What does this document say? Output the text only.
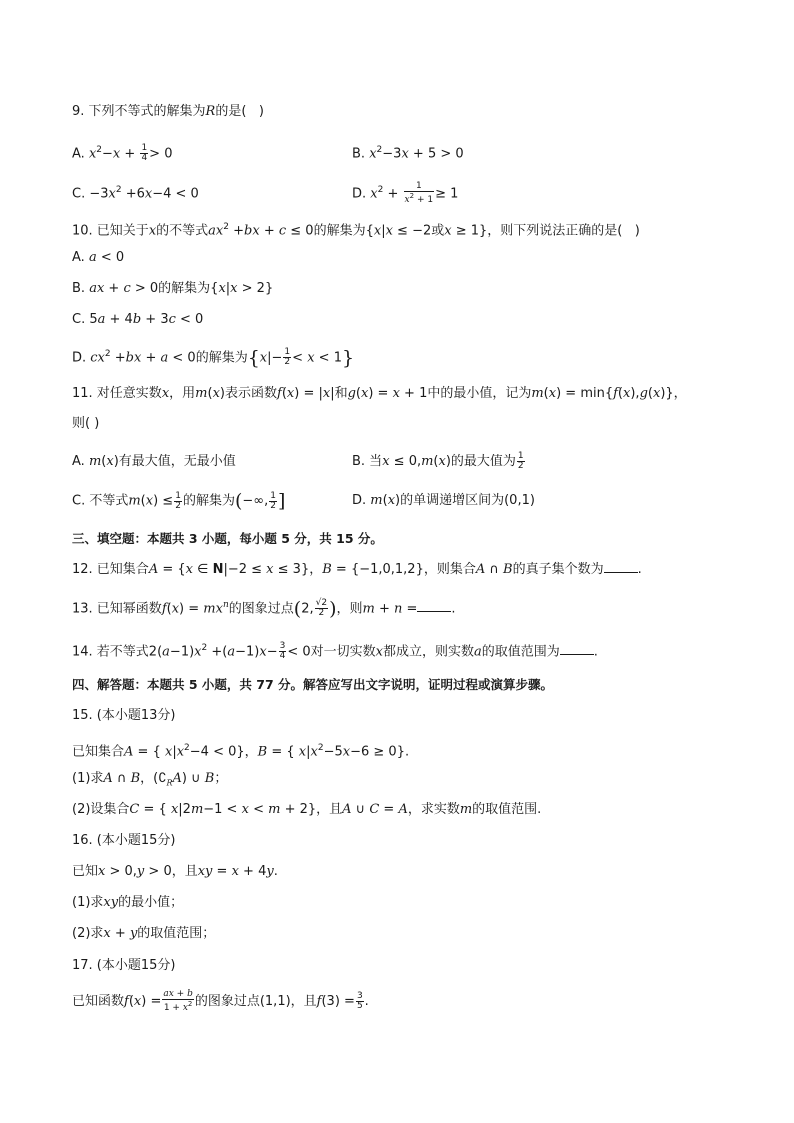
9. 下列不等式的解集为R的是(   )
A. $x^2-x + \frac{1}{4} > 0$	B. $x^2-3x + 5 > 0$
C. $-3x^2 +6x-4 < 0$	D. $x^2 + \frac{1}{x^2 + 1} \ge 1$
10. 已知关于x的不等式$ax^2 +bx + c \le 0$的解集为{x|x ≤ −2或x ≥ 1}，则下列说法正确的是(   )
A. a < 0
B. ax + c > 0的解集为{x|x > 2}
C. 5a + 4b + 3c < 0
D. $cx^2 +bx + a < 0$的解集为$\{x|- \frac{1}{2} < x < 1\}$
11. 对任意实数x，用m(x)表示函数f(x) = |x|和g(x) = x + 1中的最小值，记为m(x) = min{f(x),g(x)}，
则( )
A. m(x)有最大值，无最小值	B. 当x ≤ 0,m(x)的最大值为 $\frac{1}{2}$
C. 不等式$m(x) \le \frac{1}{2}$ 的解集为(−∞, $\frac{1}{2}$ ]	D. m(x)的单调递增区间为(0,1)
三、填空题：本题共 3 小题，每小题 5 分，共 15 分。
12. 已知集合A = {x ∈ N|−2 ≤ x ≤ 3}，B = {−1,0,1,2}，则集合A ∩ B的真子集个数为	.
13. 已知幂函数$f(x) = mx^n$的图象过点(2, $\frac{√2}{2}$ )，则m + n =	.
14. 若不等式$2(a-1)x^2 +(a-1)x- \frac{3}{4} < 0$对一切实数x都成立，则实数a的取值范围为	.
四、解答题：本题共 5 小题，共 77 分。解答应写出文字说明，证明过程或演算步骤。
15. (本小题13分)
已知集合A = { $x|x^2-4 < 0$}，B = { $x|x^2-5x-6 \ge 0$}.
(1)求A ∩ B，$(∁_RA)$ ∪ B；
(2)设集合C = { x|2m−1 < x < m + 2}，且A ∪ C = A，求实数m的取值范围.
16. (本小题15分)
已知x > 0,y > 0，且xy = x + 4y.
(1)求xy的最小值；
(2)求x + y的取值范围；
17. (本小题15分)
已知函数$f(x) = \frac{ax + b}{1 + x^2}$ 的图象过点(1,1)，且$f(3) = \frac{3}{5}$ .
